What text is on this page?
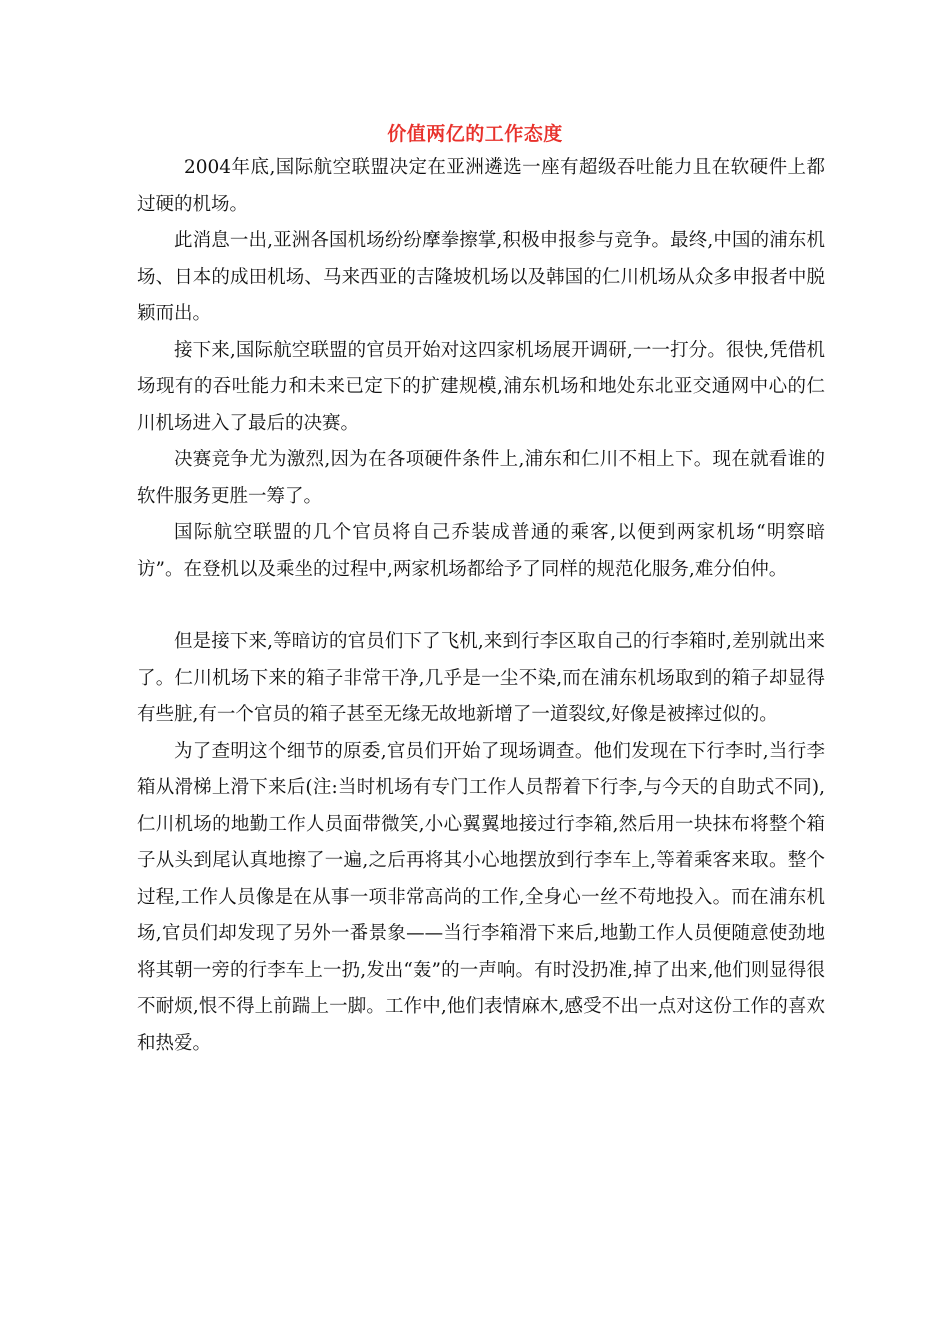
价值两亿的工作态度

2004年底,国际航空联盟决定在亚洲遴选一座有超级吞吐能力且在软硬件上都过硬的机场。

此消息一出,亚洲各国机场纷纷摩拳擦掌,积极申报参与竞争。最终,中国的浦东机场、日本的成田机场、马来西亚的吉隆坡机场以及韩国的仁川机场从众多申报者中脱颖而出。

接下来,国际航空联盟的官员开始对这四家机场展开调研,一一打分。很快,凭借机场现有的吞吐能力和未来已定下的扩建规模,浦东机场和地处东北亚交通网中心的仁川机场进入了最后的决赛。

决赛竞争尤为激烈,因为在各项硬件条件上,浦东和仁川不相上下。现在就看谁的软件服务更胜一筹了。

国际航空联盟的几个官员将自己乔装成普通的乘客,以便到两家机场“明察暗访”。在登机以及乘坐的过程中,两家机场都给予了同样的规范化服务,难分伯仲。

但是接下来,等暗访的官员们下了飞机,来到行李区取自己的行李箱时,差别就出来了。仁川机场下来的箱子非常干净,几乎是一尘不染,而在浦东机场取到的箱子却显得有些脏,有一个官员的箱子甚至无缘无故地新增了一道裂纹,好像是被摔过似的。

为了查明这个细节的原委,官员们开始了现场调查。他们发现在下行李时,当行李箱从滑梯上滑下来后(注:当时机场有专门工作人员帮着下行李,与今天的自助式不同),仁川机场的地勤工作人员面带微笑,小心翼翼地接过行李箱,然后用一块抹布将整个箱子从头到尾认真地擦了一遍,之后再将其小心地摆放到行李车上,等着乘客来取。整个过程,工作人员像是在从事一项非常高尚的工作,全身心一丝不苟地投入。而在浦东机场,官员们却发现了另外一番景象——当行李箱滑下来后,地勤工作人员便随意使劲地将其朝一旁的行李车上一扔,发出“轰”的一声响。有时没扔准,掉了出来,他们则显得很不耐烦,恨不得上前踹上一脚。工作中,他们表情麻木,感受不出一点对这份工作的喜欢和热爱。
